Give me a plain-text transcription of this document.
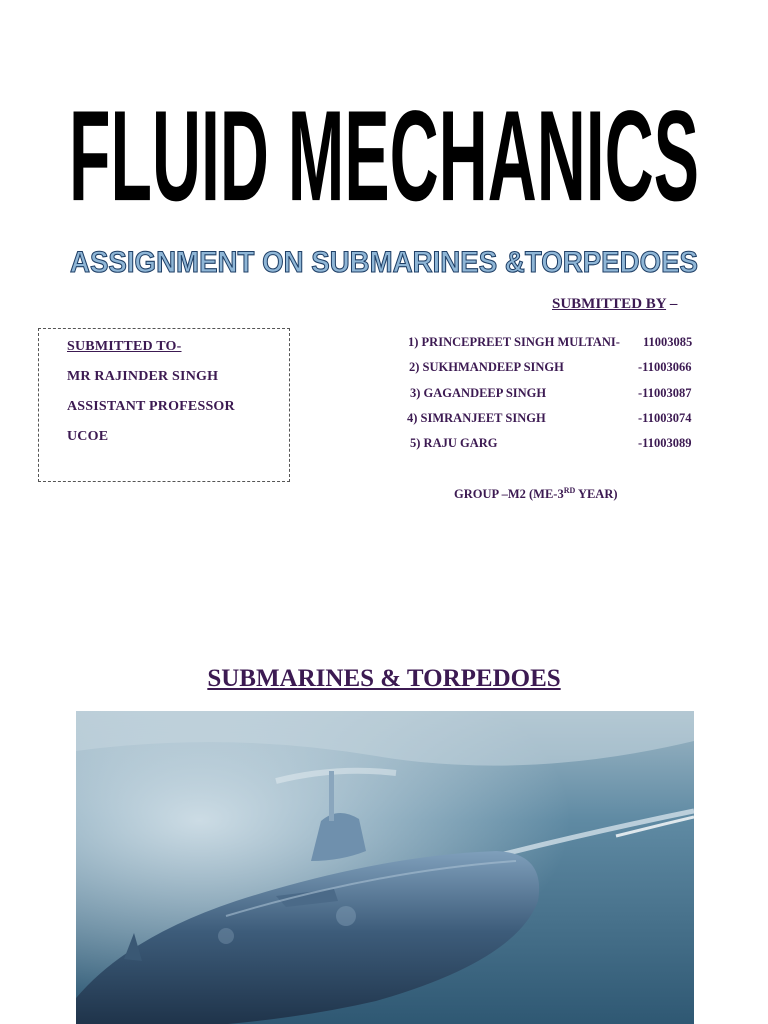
FLUID MECHANICS
ASSIGNMENT ON SUBMARINES &TORPEDOES
SUBMITTED BY –
SUBMITTED TO-
MR RAJINDER SINGH
ASSISTANT PROFESSOR
UCOE
1) PRINCEPREET SINGH MULTANI- 11003085
2) SUKHMANDEEP SINGH	-11003066
3) GAGANDEEP SINGH	-11003087
4) SIMRANJEET SINGH	-11003074
5) RAJU GARG	-11003089
GROUP –M2 (ME-3RD YEAR)
SUBMARINES & TORPEDOES
